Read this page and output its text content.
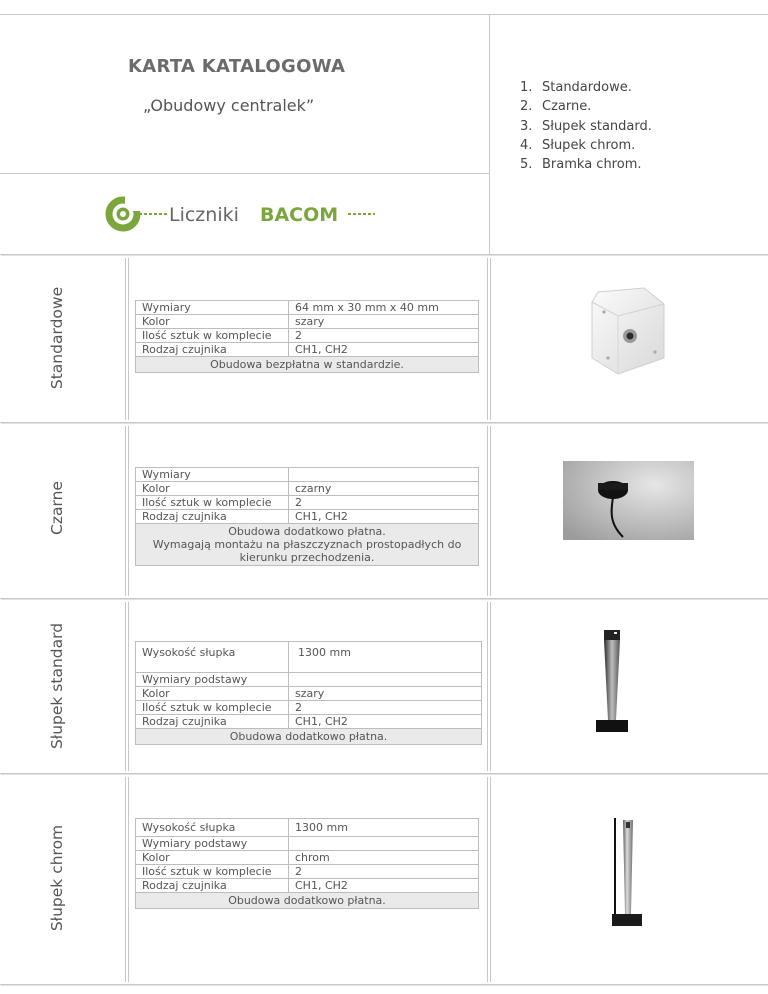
KARTA KATALOGOWA
„Obudowy centralek”
1. Standardowe.
2. Czarne.
3. Słupek standard.
4. Słupek chrom.
5. Bramka chrom.
Liczniki BACOM
Standardowe
Czarne
Słupek standard
Słupek chrom
Wymiary	64 mm x 30 mm x 40 mm
Kolor	szary
Ilość sztuk w komplecie	2
Rodzaj czujnika	CH1, CH2
Obudowa bezpłatna w standardzie.	
Wymiary	
Kolor	czarny
Ilość sztuk w komplecie	2
Rodzaj czujnika	CH1, CH2

Obudowa dodatkowo płatna.
Wymagają montażu na płaszczyznach prostopadłych do kierunku przechodzenia.	
Wysokość słupka	1300 mm
Wymiary podstawy	
Kolor	szary
Ilość sztuk w komplecie	2
Rodzaj czujnika	CH1, CH2
Obudowa dodatkowo płatna.	
Wysokość słupka	1300 mm
Wymiary podstawy	
Kolor	chrom
Ilość sztuk w komplecie	2
Rodzaj czujnika	CH1, CH2
Obudowa dodatkowo płatna.	
